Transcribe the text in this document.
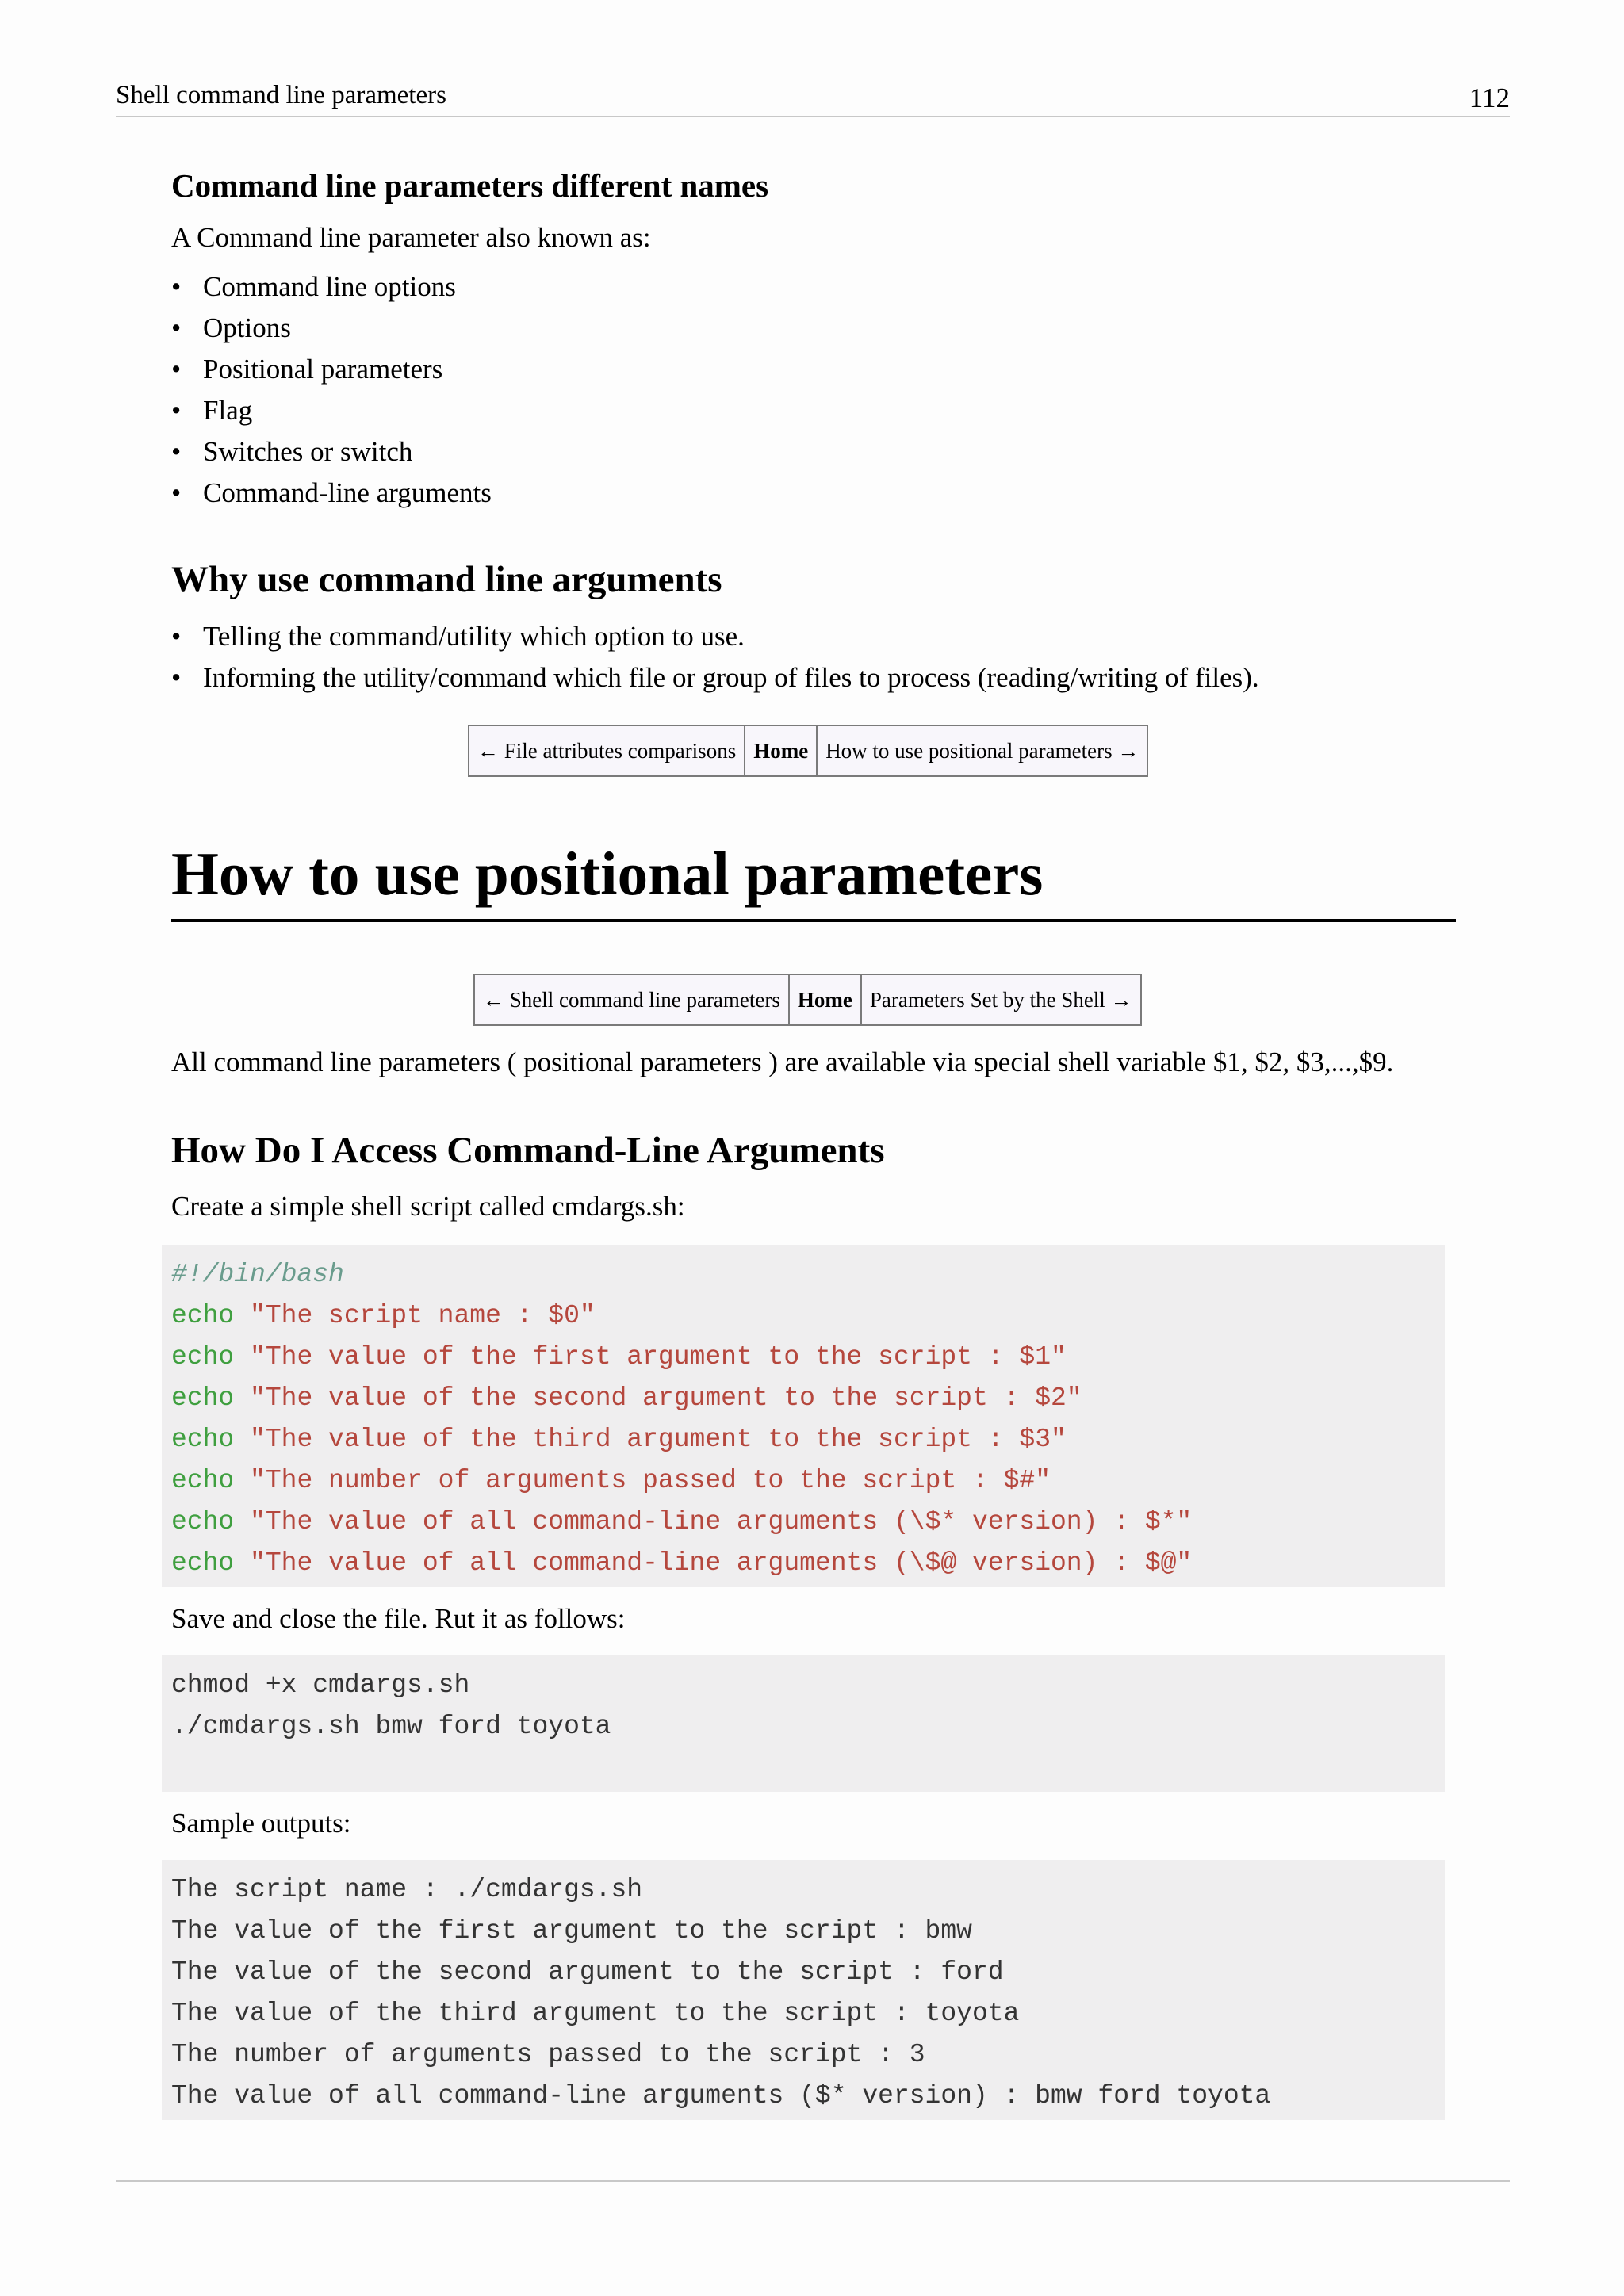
Shell command line parameters	112
Command line parameters different names

A Command line parameter also known as:

• Command line options
• Options
• Positional parameters
• Flag
• Switches or switch
• Command-line arguments
Why use command line arguments
• Telling the command/utility which option to use.
• Informing the utility/command which file or group of files to process (reading/writing of files).
← File attributes comparisons Home How to use positional parameters →
How to use positional parameters
← Shell command line parameters Home Parameters Set by the Shell →

All command line parameters ( positional parameters ) are available via special shell variable $1, $2, $3,...,$9.

How Do I Access Command-Line Arguments

Create a simple shell script called cmdargs.sh:

#!/bin/bash
echo "The script name : $0"
echo "The value of the first argument to the script : $1"
echo "The value of the second argument to the script : $2"
echo "The value of the third argument to the script : $3"
echo "The number of arguments passed to the script : $#"
echo "The value of all command-line arguments (\$* version) : $*"
echo "The value of all command-line arguments (\$@ version) : $@"

Save and close the file. Rut it as follows:

chmod +x cmdargs.sh
./cmdargs.sh bmw ford toyota

Sample outputs:

The script name : ./cmdargs.sh
The value of the first argument to the script : bmw
The value of the second argument to the script : ford
The value of the third argument to the script : toyota
The number of arguments passed to the script : 3
The value of all command-line arguments ($* version) : bmw ford toyota
